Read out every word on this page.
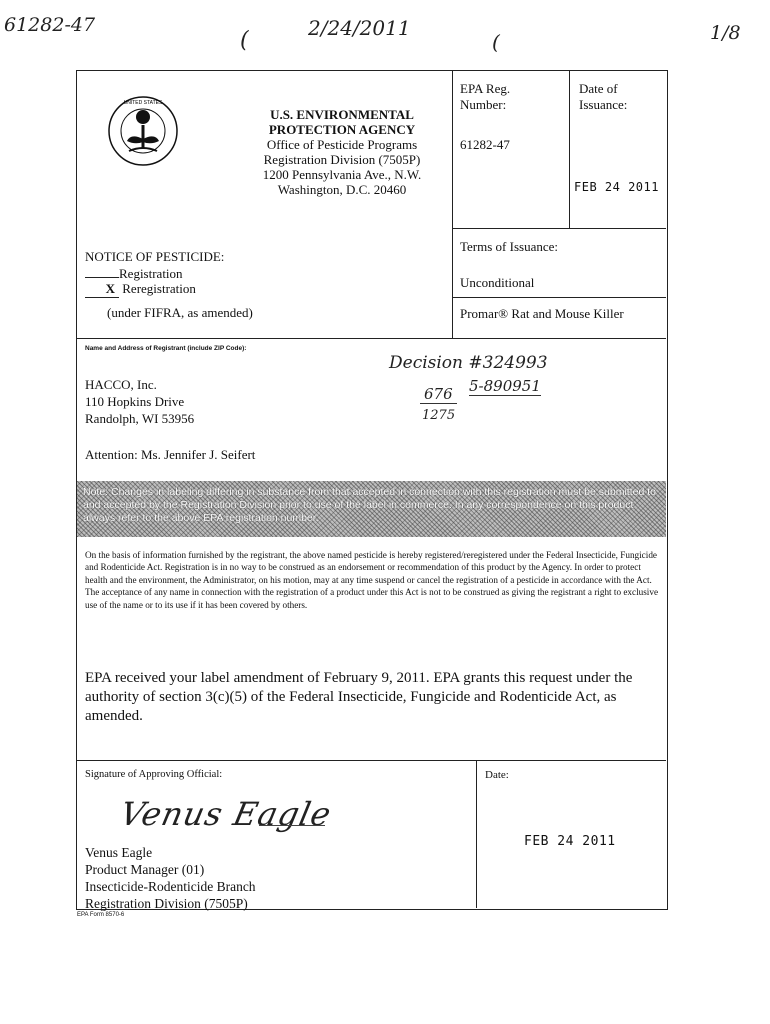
61282-47	2/24/2011	1/8
(	(
UNITED STATES
U.S. ENVIRONMENTAL
PROTECTION AGENCY
Office of Pesticide Programs
Registration Division (7505P)
1200 Pennsylvania Ave., N.W.
Washington, D.C. 20460
EPA Reg.
Number:
61282-47
Date of
Issuance:
FEB 24 2011
NOTICE OF PESTICIDE:
Registration
X Reregistration
(under FIFRA, as amended)
Terms of Issuance:
Unconditional
Promar® Rat and Mouse Killer
Name and Address of Registrant (include ZIP Code):
HACCO, Inc.
110 Hopkins Drive
Randolph, WI 53956
Attention: Ms. Jennifer J. Seifert
Decision #324993
676
1275
5-890951
Note: Changes in labeling differing in substance from that accepted in connection with this registration must be submitted to and accepted by the Registration Division prior to use of the label in commerce. In any correspondence on this product always refer to the above EPA registration number.
On the basis of information furnished by the registrant, the above named pesticide is hereby registered/reregistered under the Federal Insecticide, Fungicide and Rodenticide Act. Registration is in no way to be construed as an endorsement or recommendation of this product by the Agency. In order to protect health and the environment, the Administrator, on his motion, may at any time suspend or cancel the registration of a pesticide in accordance with the Act. The acceptance of any name in connection with the registration of a product under this Act is not to be construed as giving the registrant a right to exclusive use of the name or to its use if it has been covered by others.
EPA received your label amendment of February 9, 2011. EPA grants this request under the authority of section 3(c)(5) of the Federal Insecticide, Fungicide and Rodenticide Act, as amended.
Signature of Approving Official:
Venus Eagle
Venus Eagle
Product Manager (01)
Insecticide-Rodenticide Branch
Registration Division (7505P)
Date:
FEB 24 2011
EPA Form 8570-6
